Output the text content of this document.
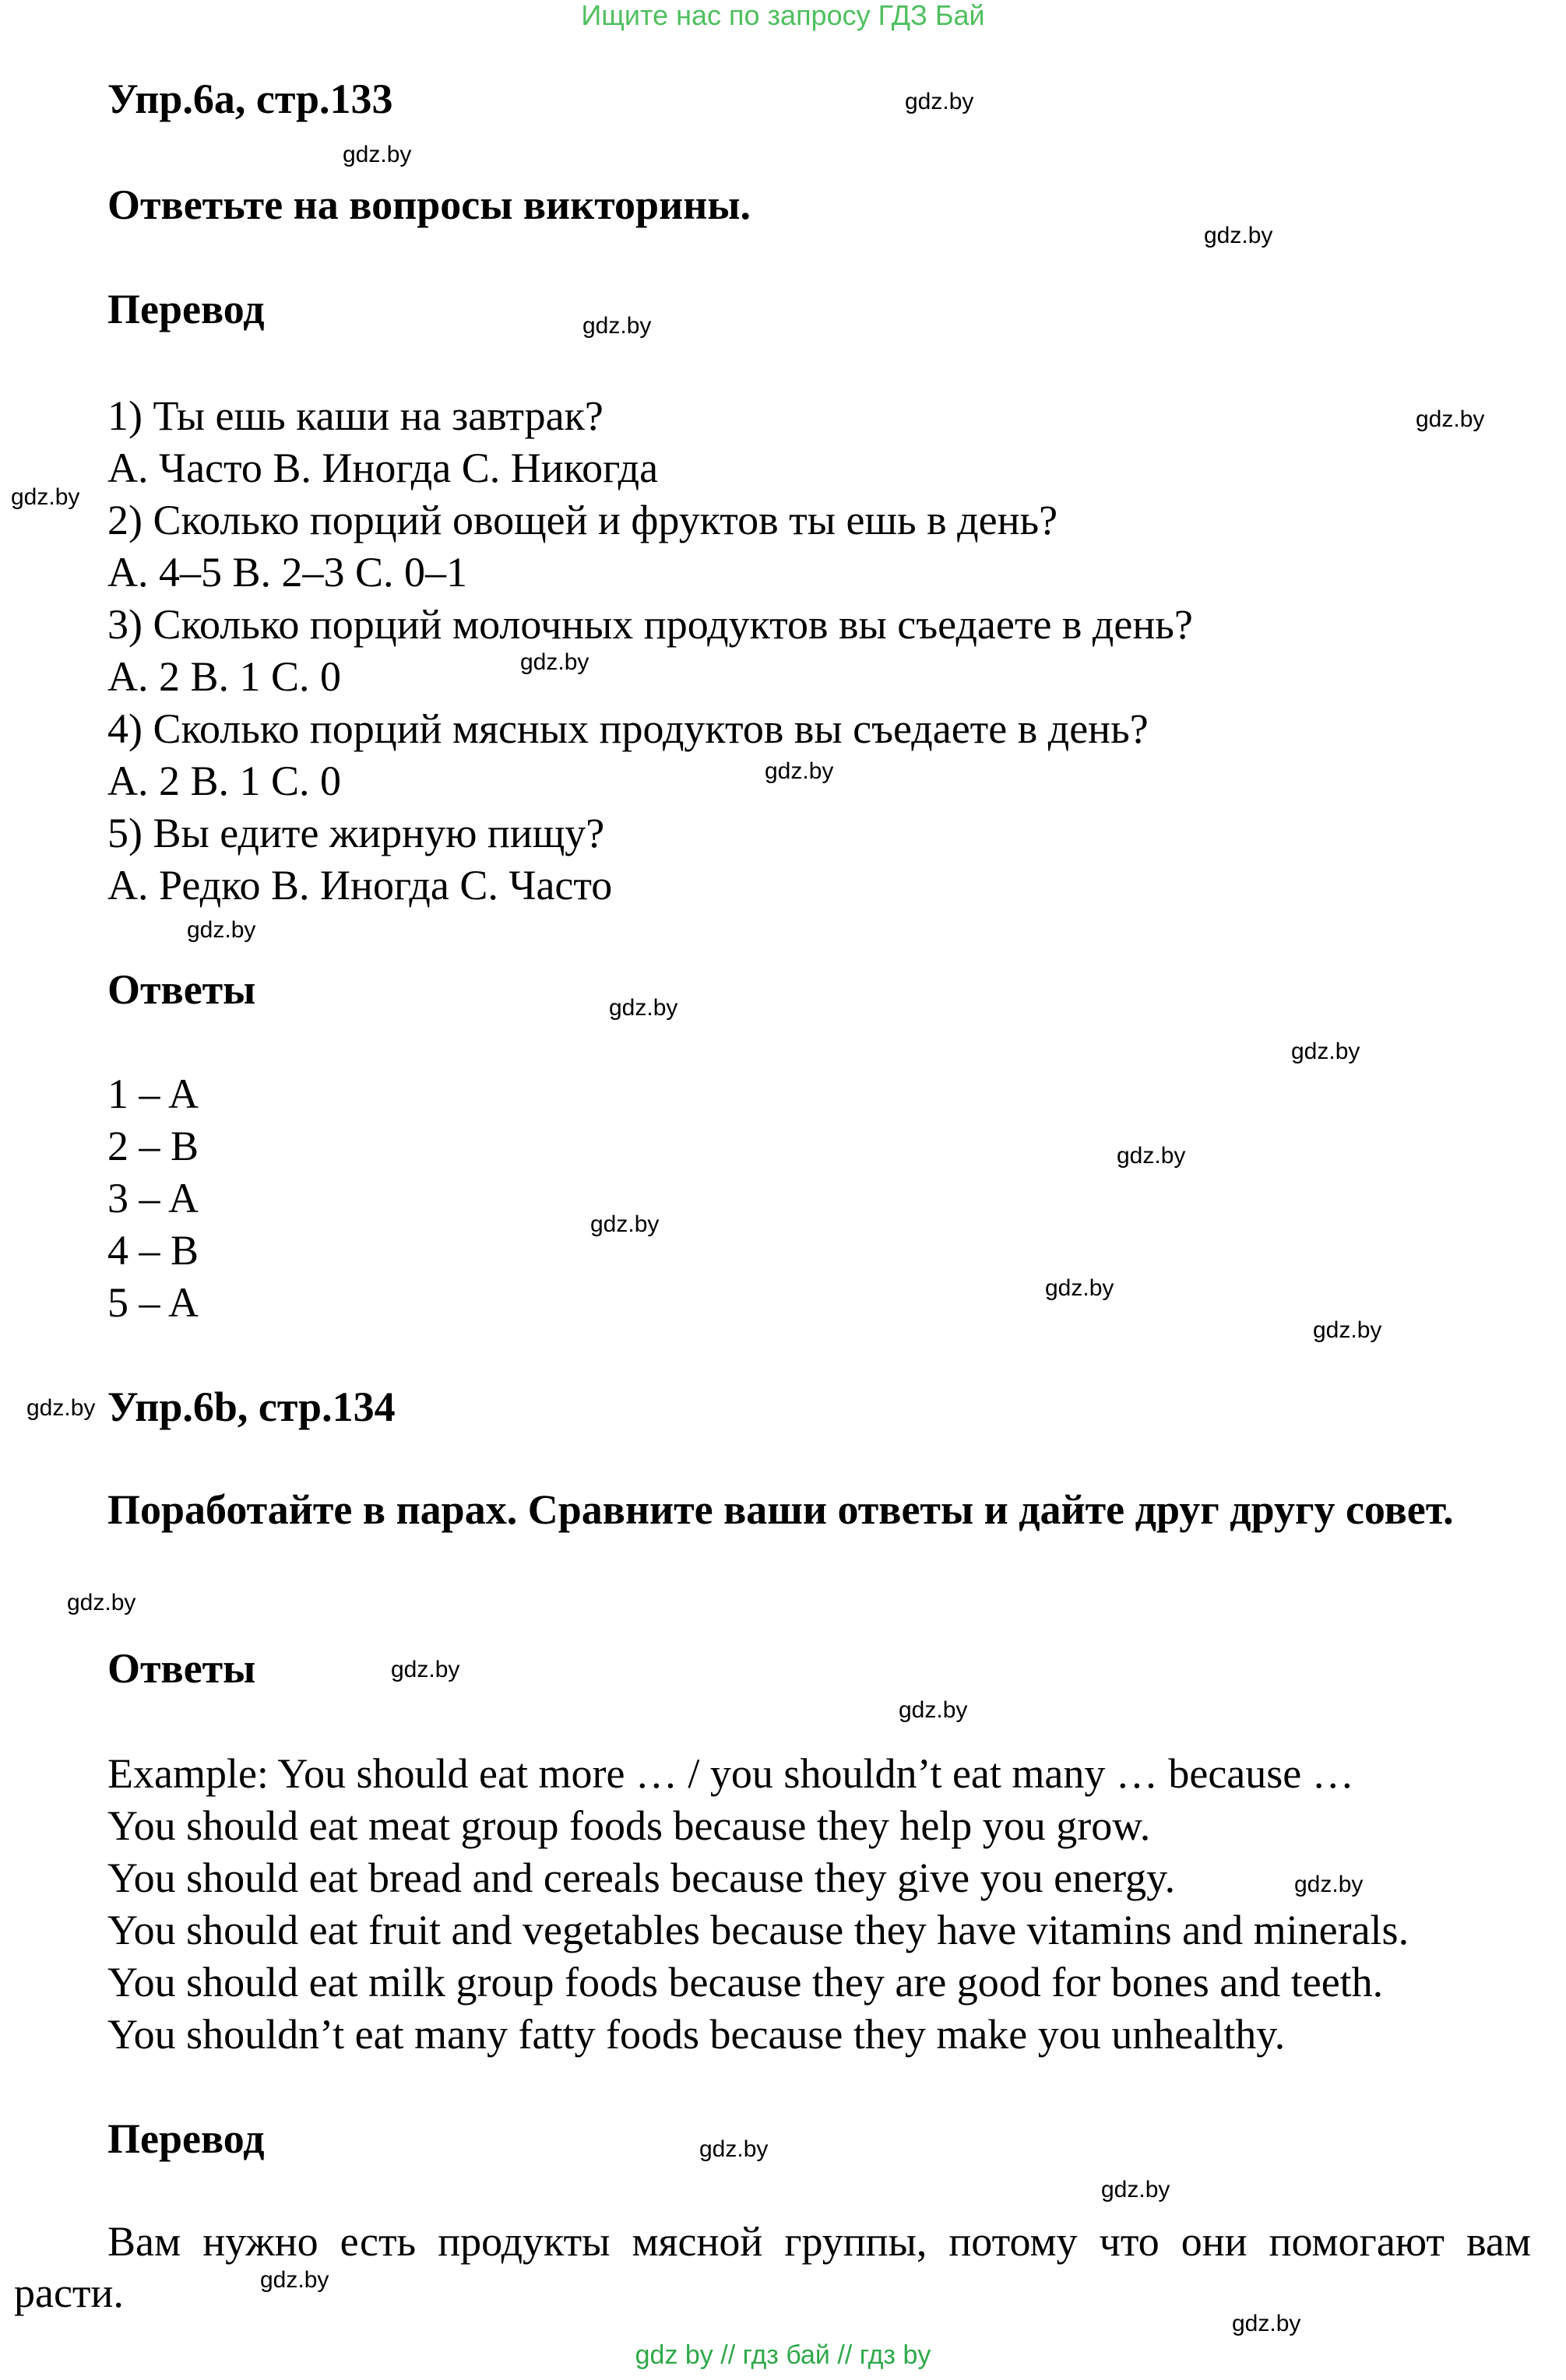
Ищите нас по запросу ГДЗ Бай
Упр.6а, стр.133
Ответьте на вопросы викторины.
Перевод
1) Ты ешь каши на завтрак?
A. Часто B. Иногда C. Никогда
2) Сколько порций овощей и фруктов ты ешь в день?
A. 4–5 B. 2–3 C. 0–1
3) Сколько порций молочных продуктов вы съедаете в день?
A. 2 B. 1 C. 0
4) Сколько порций мясных продуктов вы съедаете в день?
A. 2 B. 1 C. 0
5) Вы едите жирную пищу?
A. Редко B. Иногда C. Часто
Ответы
1 – A
2 – B
3 – A
4 – B
5 – A
Упр.6b, стр.134
Поработайте в парах. Сравните ваши ответы и дайте друг другу совет.
Ответы
Example: You should eat more … / you shouldn’t eat many … because …
You should eat meat group foods because they help you grow.
You should eat bread and cereals because they give you energy.
You should eat fruit and vegetables because they have vitamins and minerals.
You should eat milk group foods because they are good for bones and teeth.
You shouldn’t eat many fatty foods because they make you unhealthy.
Перевод
Вам нужно есть продукты мясной группы, потому что они помогают вам расти.
gdz.by
gdz.by
gdz.by
gdz.by
gdz.by
gdz.by
gdz.by
gdz.by
gdz.by
gdz.by
gdz.by
gdz.by
gdz.by
gdz.by
gdz.by
gdz.by
gdz.by
gdz.by
gdz.by
gdz.by
gdz.by
gdz.by
gdz.by
gdz.by
gdz by // гдз бай // гдз by
